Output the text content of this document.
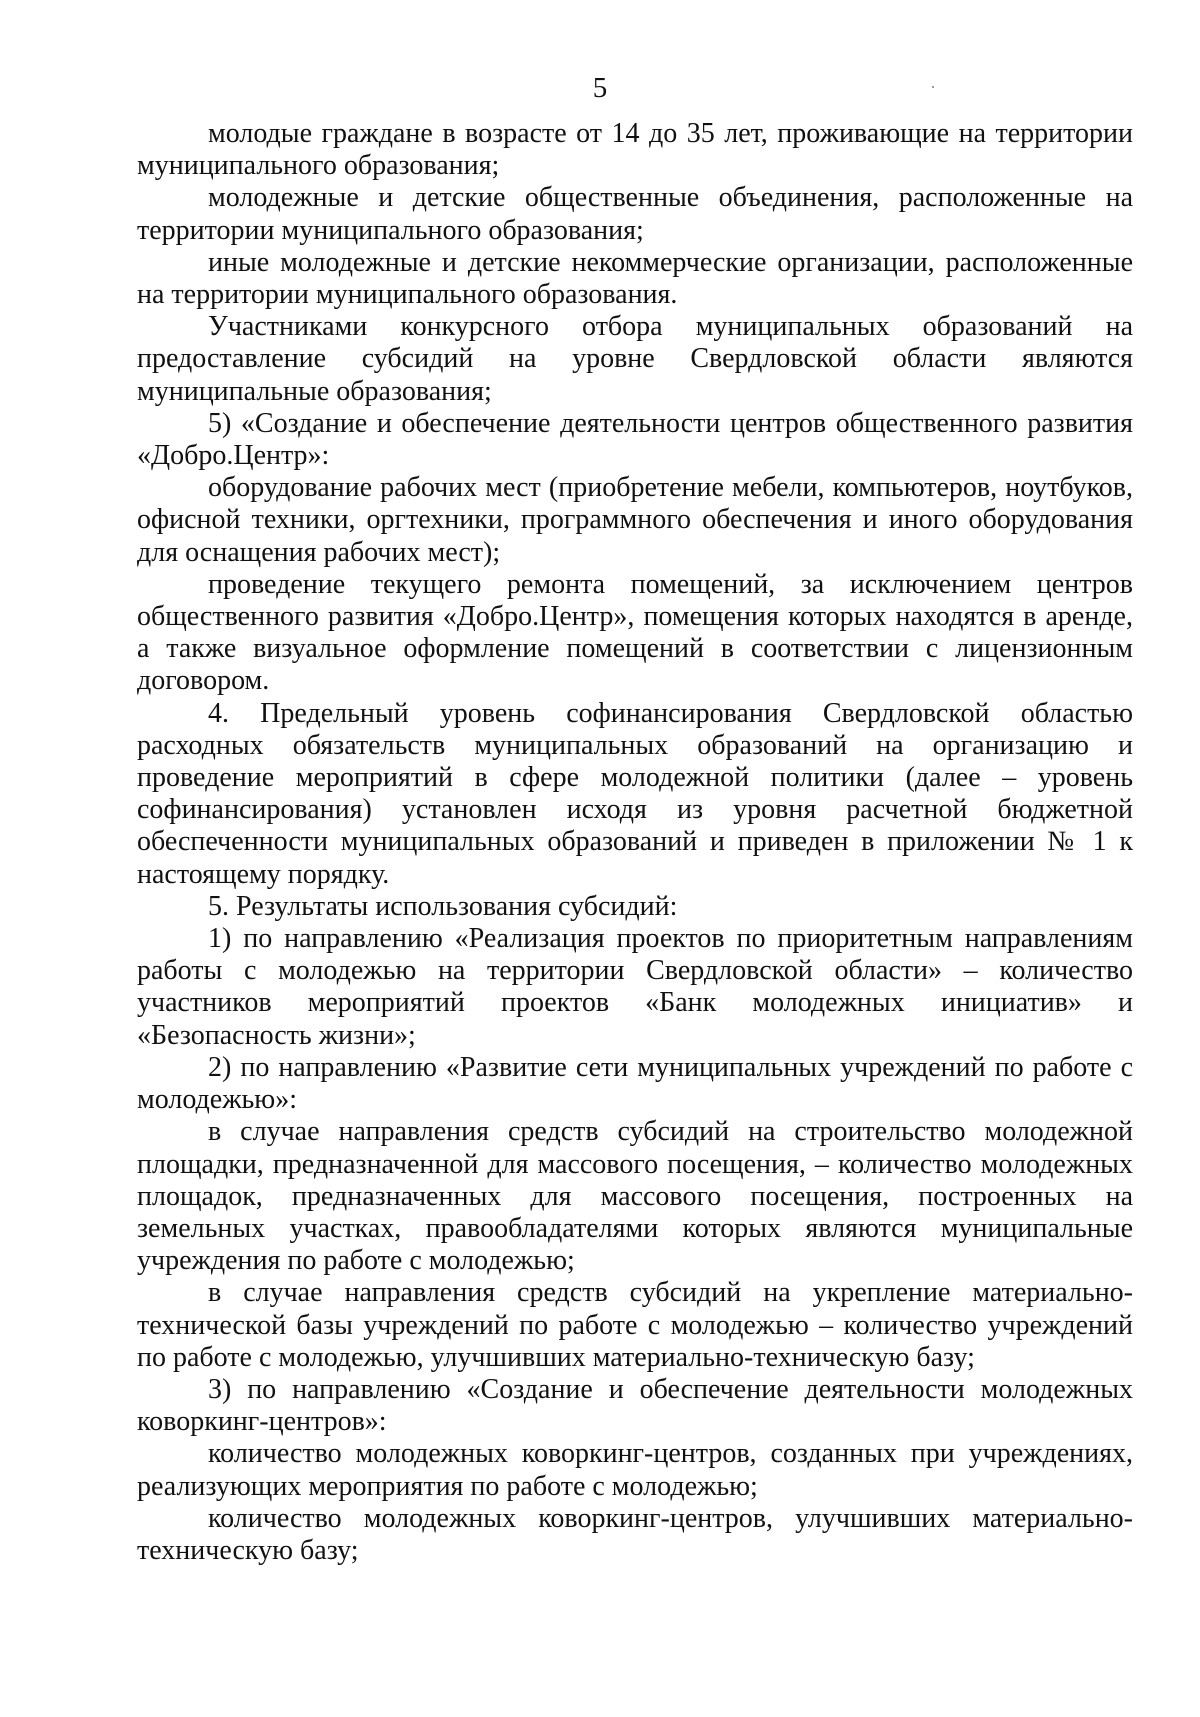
5

молодые граждане в возрасте от 14 до 35 лет, проживающие на территории муниципального образования;

молодежные и детские общественные объединения, расположенные на территории муниципального образования;

иные молодежные и детские некоммерческие организации, расположенные на территории муниципального образования.

Участниками конкурсного отбора муниципальных образований на предоставление субсидий на уровне Свердловской области являются муниципальные образования;

5) «Создание и обеспечение деятельности центров общественного развития «Добро.Центр»:

оборудование рабочих мест (приобретение мебели, компьютеров, ноутбуков, офисной техники, оргтехники, программного обеспечения и иного оборудования для оснащения рабочих мест);

проведение текущего ремонта помещений, за исключением центров общественного развития «Добро.Центр», помещения которых находятся в аренде, а также визуальное оформление помещений в соответствии с лицензионным договором.

4. Предельный уровень софинансирования Свердловской областью расходных обязательств муниципальных образований на организацию и проведение мероприятий в сфере молодежной политики (далее – уровень софинансирования) установлен исходя из уровня расчетной бюджетной обеспеченности муниципальных образований и приведен в приложении № 1 к настоящему порядку.

5. Результаты использования субсидий:

1) по направлению «Реализация проектов по приоритетным направлениям работы с молодежью на территории Свердловской области» – количество участников мероприятий проектов «Банк молодежных инициатив» и «Безопасность жизни»;

2) по направлению «Развитие сети муниципальных учреждений по работе с молодежью»:

в случае направления средств субсидий на строительство молодежной площадки, предназначенной для массового посещения, – количество молодежных площадок, предназначенных для массового посещения, построенных на земельных участках, правообладателями которых являются муниципальные учреждения по работе с молодежью;

в случае направления средств субсидий на укрепление материально-технической базы учреждений по работе с молодежью – количество учреждений по работе с молодежью, улучшивших материально-техническую базу;

3) по направлению «Создание и обеспечение деятельности молодежных коворкинг-центров»:

количество молодежных коворкинг-центров, созданных при учреждениях, реализующих мероприятия по работе с молодежью;

количество молодежных коворкинг-центров, улучшивших материально-техническую базу;
